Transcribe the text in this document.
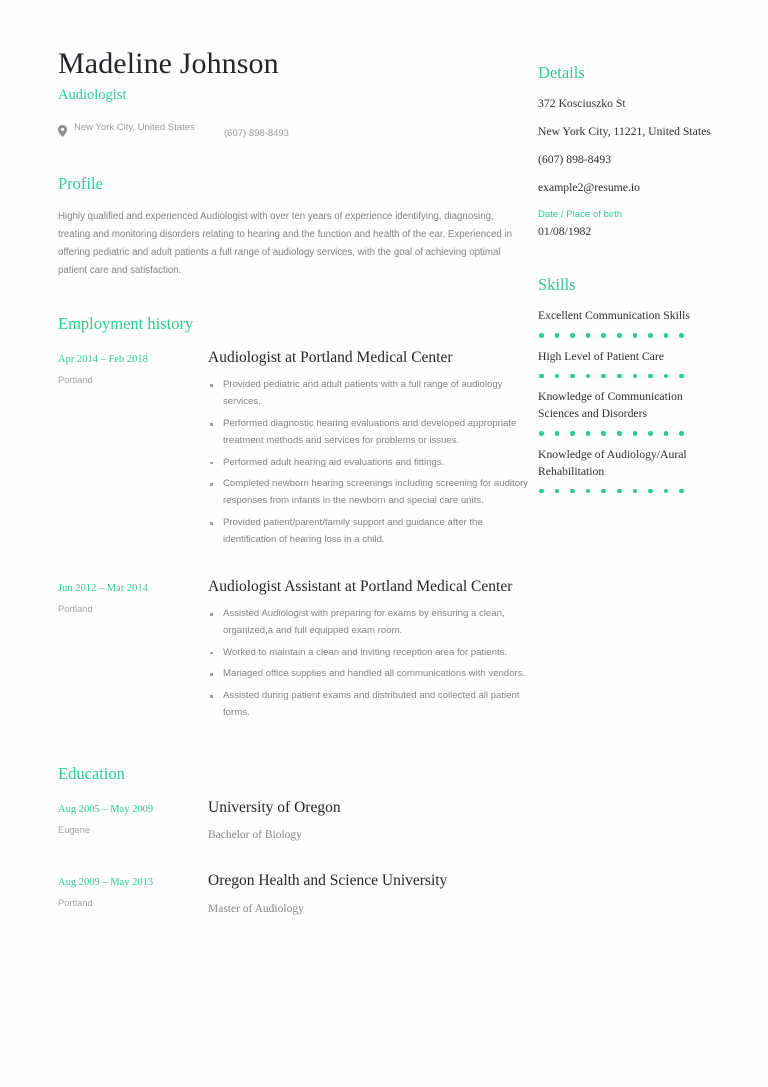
Madeline Johnson
Audiologist
New York City, United States
(607) 898-8493
Profile

Highly qualified and experienced Audiologist with over ten years of experience identifying, diagnosing, treating and monitoring disorders relating to hearing and the function and health of the ear. Experienced in offering pediatric and adult patients a full range of audiology services, with the goal of achieving optimal patient care and satisfaction.

Employment history
Apr 2014 – Feb 2018
Portland
Audiologist at Portland Medical Center
Provided pediatric and adult patients with a full range of audiology services.
Performed diagnostic hearing evaluations and developed appropriate treatment methods and services for problems or issues.
Performed adult hearing aid evaluations and fittings.
Completed newborn hearing screenings including screening for auditory responses from infants in the newborn and special care units.
Provided patient/parent/family support and guidance after the identification of hearing loss in a child.
Jun 2012 – Mar 2014
Portland
Audiologist Assistant at Portland Medical Center
Assisted Audiologist with preparing for exams by ensuring a clean, organized,a and full equipped exam room.
Worked to maintain a clean and inviting reception area for patients.
Managed office supplies and handled all communications with vendors.
Assisted during patient exams and distributed and collected all patient forms.
Education
Aug 2005 – May 2009
Eugene
University of Oregon
Bachelor of Biology
Aug 2009 – May 2013
Portland
Oregon Health and Science University
Master of Audiology
Details
372 Kosciuszko St
New York City, 11221, United States
(607) 898-8493
example2@resume.io
Date / Place of birth
01/08/1982
Skills
Excellent Communication Skills
High Level of Patient Care
Knowledge of Communication Sciences and Disorders
Knowledge of Audiology/Aural Rehabilitation
